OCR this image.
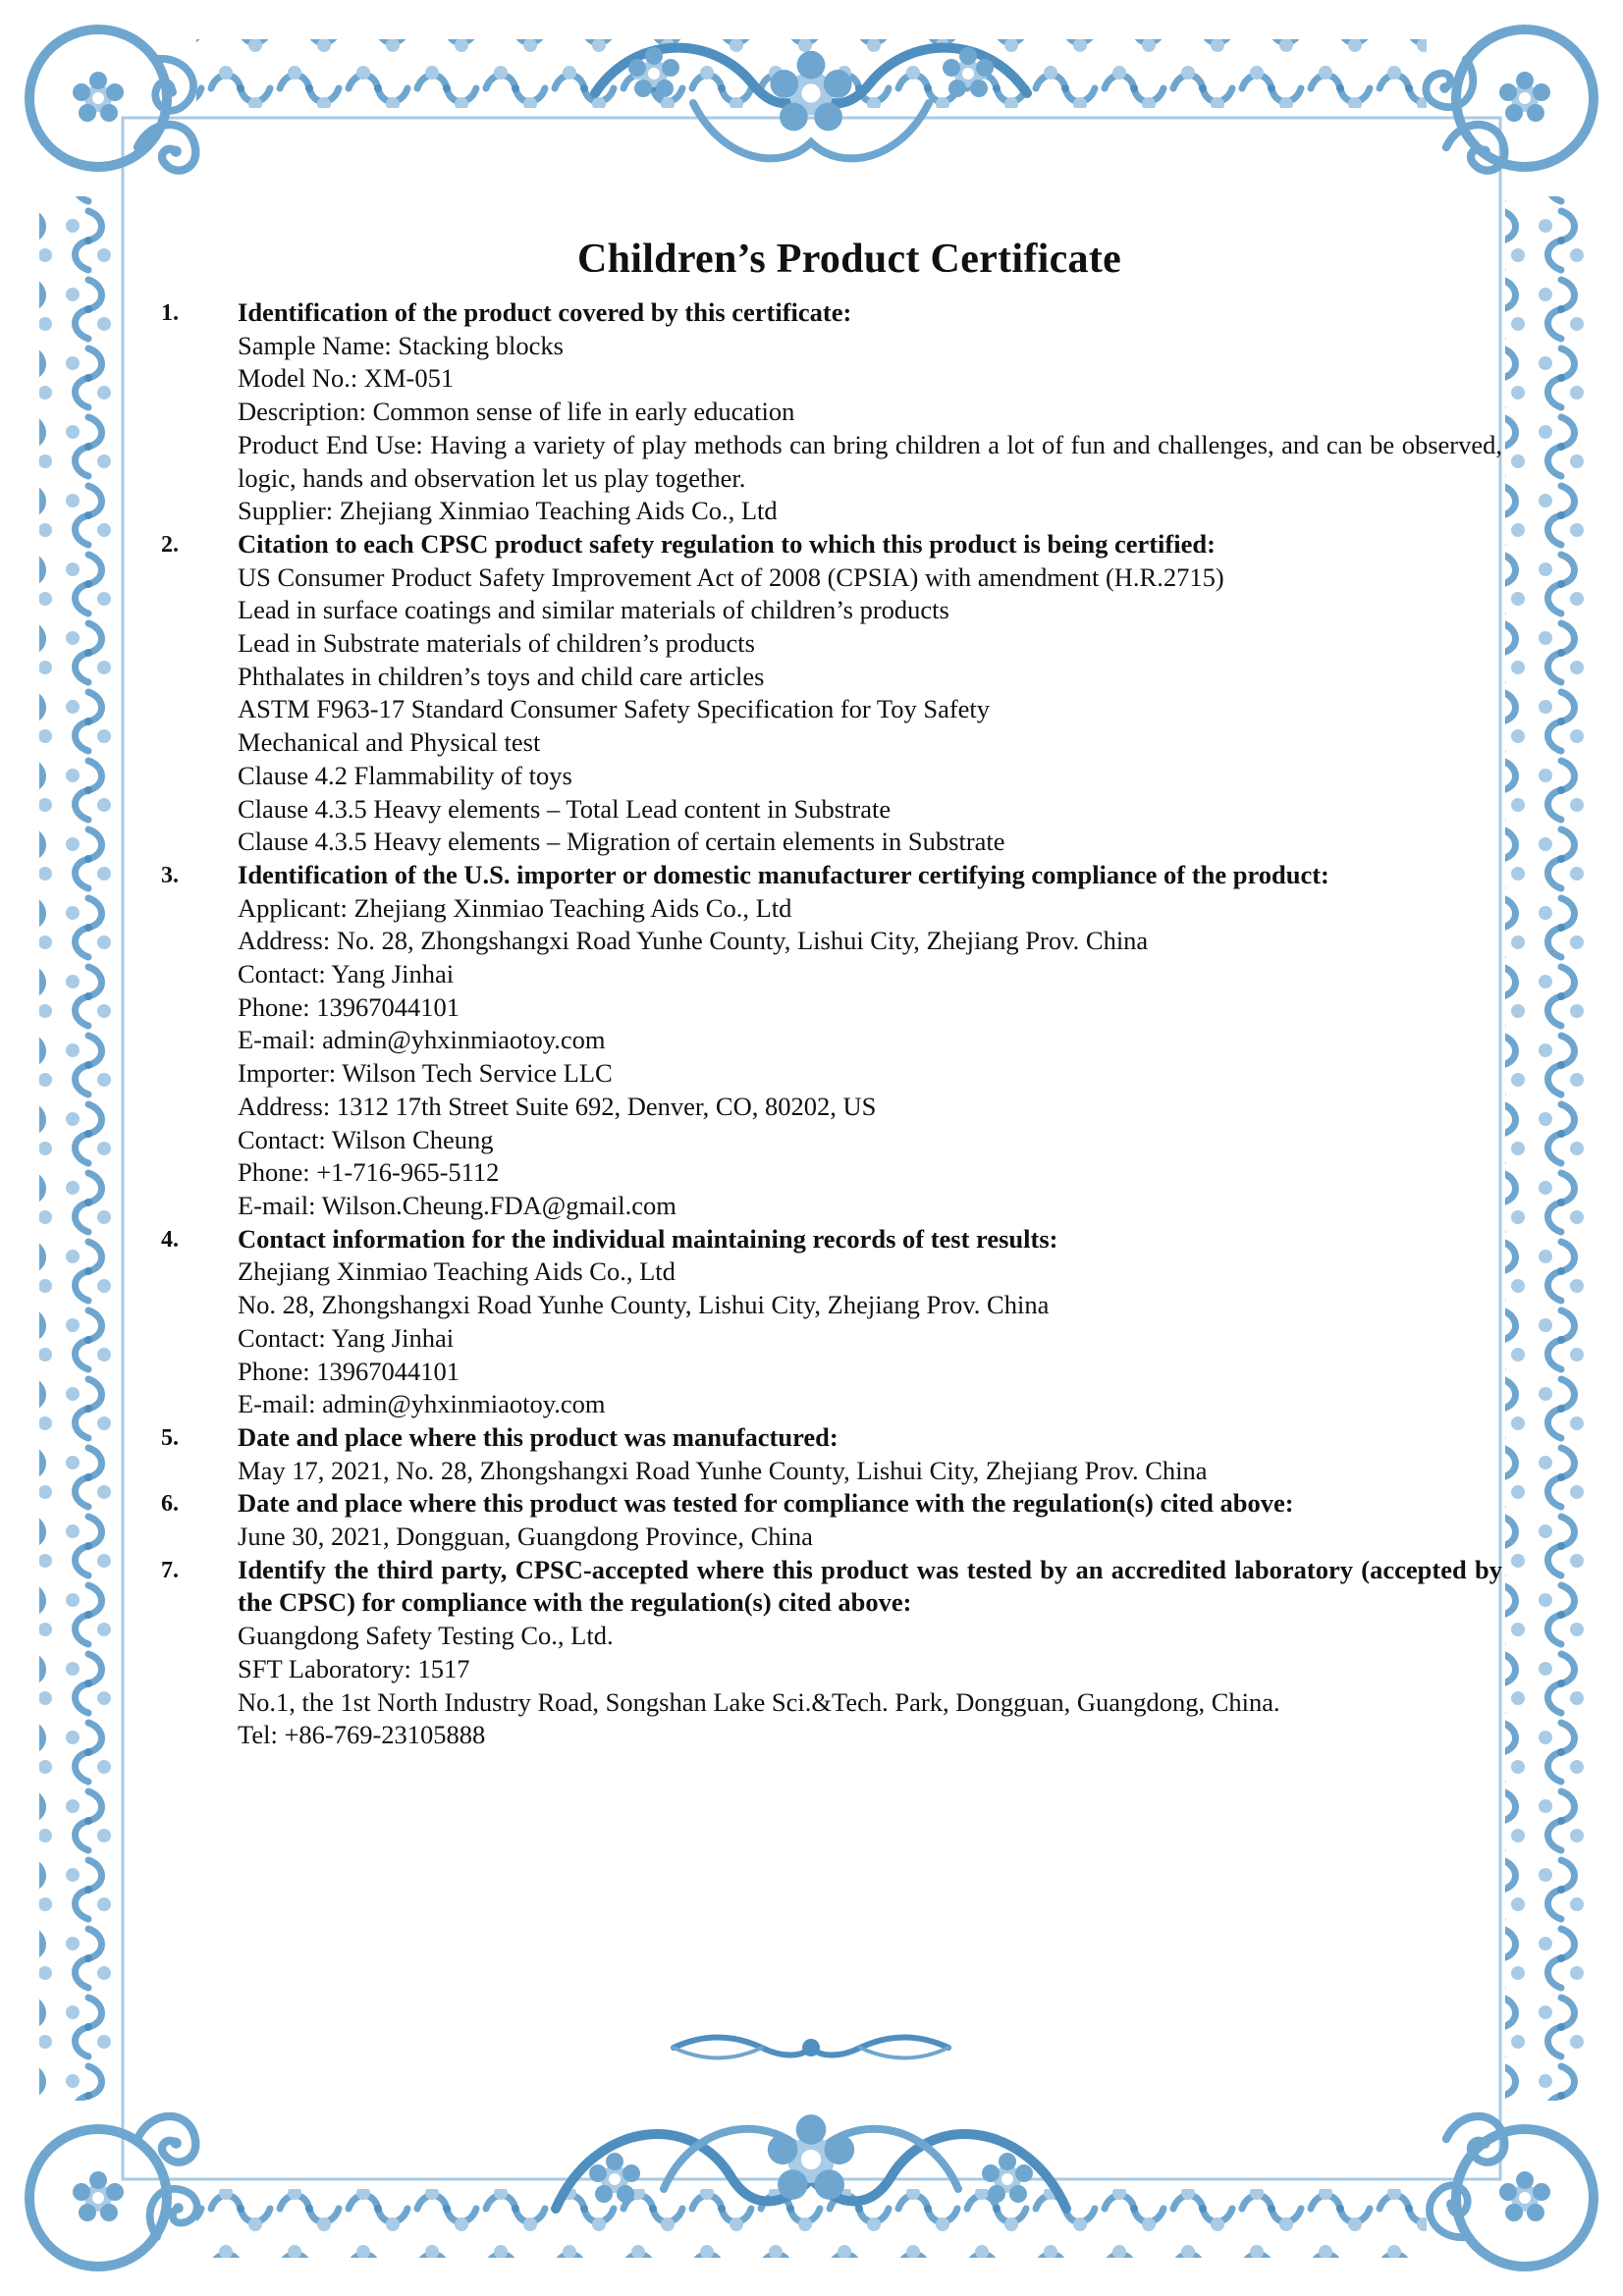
Children’s Product Certificate
1. Identification of the product covered by this certificate:
Sample Name: Stacking blocks
Model No.: XM-051
Description: Common sense of life in early education
Product End Use: Having a variety of play methods can bring children a lot of fun and challenges, and can be observed, logic, hands and observation let us play together.
Supplier: Zhejiang Xinmiao Teaching Aids Co., Ltd
2. Citation to each CPSC product safety regulation to which this product is being certified:
US Consumer Product Safety Improvement Act of 2008 (CPSIA) with amendment (H.R.2715)
Lead in surface coatings and similar materials of children’s products
Lead in Substrate materials of children’s products
Phthalates in children’s toys and child care articles
ASTM F963-17 Standard Consumer Safety Specification for Toy Safety
Mechanical and Physical test
Clause 4.2 Flammability of toys
Clause 4.3.5 Heavy elements – Total Lead content in Substrate
Clause 4.3.5 Heavy elements – Migration of certain elements in Substrate
3. Identification of the U.S. importer or domestic manufacturer certifying compliance of the product:
Applicant: Zhejiang Xinmiao Teaching Aids Co., Ltd
Address: No. 28, Zhongshangxi Road Yunhe County, Lishui City, Zhejiang Prov. China
Contact: Yang Jinhai
Phone: 13967044101
E-mail: admin@yhxinmiaotoy.com
Importer: Wilson Tech Service LLC
Address: 1312 17th Street Suite 692, Denver, CO, 80202, US
Contact: Wilson Cheung
Phone: +1-716-965-5112
E-mail: Wilson.Cheung.FDA@gmail.com
4. Contact information for the individual maintaining records of test results:
Zhejiang Xinmiao Teaching Aids Co., Ltd
No. 28, Zhongshangxi Road Yunhe County, Lishui City, Zhejiang Prov. China
Contact: Yang Jinhai
Phone: 13967044101
E-mail: admin@yhxinmiaotoy.com
5. Date and place where this product was manufactured:
May 17, 2021, No. 28, Zhongshangxi Road Yunhe County, Lishui City, Zhejiang Prov. China
6. Date and place where this product was tested for compliance with the regulation(s) cited above:
June 30, 2021, Dongguan, Guangdong Province, China
7. Identify the third party, CPSC-accepted where this product was tested by an accredited laboratory (accepted by the CPSC) for compliance with the regulation(s) cited above:
Guangdong Safety Testing Co., Ltd.
SFT Laboratory: 1517
No.1, the 1st North Industry Road, Songshan Lake Sci.&Tech. Park, Dongguan, Guangdong, China.
Tel: +86-769-23105888
